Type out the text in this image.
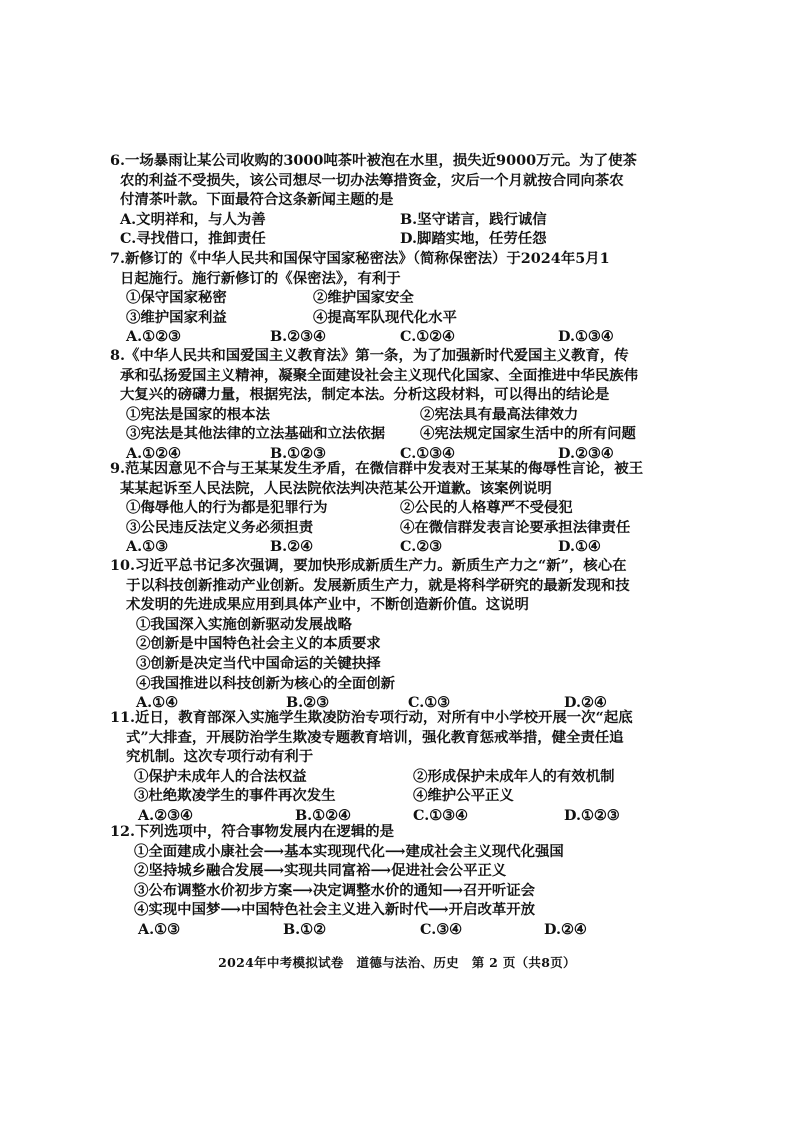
6.一场暴雨让某公司收购的3000吨茶叶被泡在水里，损失近9000万元。为了使茶

农的利益不受损失，该公司想尽一切办法筹措资金，灾后一个月就按合同向茶农

付清茶叶款。下面最符合这条新闻主题的是

A.文明祥和，与人为善	B.坚守诺言，践行诚信
C.寻找借口，推卸责任	D.脚踏实地，任劳任怨

7.新修订的《中华人民共和国保守国家秘密法》（简称保密法）于2024年5月1

日起施行。施行新修订的《保密法》，有利于

①保守国家秘密	②维护国家安全
③维护国家利益	④提高军队现代化水平
A.①②③	B.②③④	C.①②④	D.①③④

8.《中华人民共和国爱国主义教育法》第一条，为了加强新时代爱国主义教育，传

承和弘扬爱国主义精神，凝聚全面建设社会主义现代化国家、全面推进中华民族伟

大复兴的磅礴力量，根据宪法，制定本法。分析这段材料，可以得出的结论是

①宪法是国家的根本法	②宪法具有最高法律效力
③宪法是其他法律的立法基础和立法依据 ④宪法规定国家生活中的所有问题
A.①②④	B.①②③	C.①③④	D.②③④

9.范某因意见不合与王某某发生矛盾，在微信群中发表对王某某的侮辱性言论，被王

某某起诉至人民法院，人民法院依法判决范某公开道歉。该案例说明

①侮辱他人的行为都是犯罪行为	②公民的人格尊严不受侵犯
③公民违反法定义务必须担责	④在微信群发表言论要承担法律责任
A.①③	B.②④	C.②③	D.①④

10.习近平总书记多次强调，要加快形成新质生产力。新质生产力之“新”，核心在

于以科技创新推动产业创新。发展新质生产力，就是将科学研究的最新发现和技

术发明的先进成果应用到具体产业中，不断创造新价值。这说明

①我国深入实施创新驱动发展战略
②创新是中国特色社会主义的本质要求
③创新是决定当代中国命运的关键抉择
④我国推进以科技创新为核心的全面创新
A.①④	B.②③	C.①③	D.②④

11.近日，教育部深入实施学生欺凌防治专项行动，对所有中小学校开展一次“起底

式”大排查，开展防治学生欺凌专题教育培训，强化教育惩戒举措，健全责任追

究机制。这次专项行动有利于

①保护未成年人的合法权益	②形成保护未成年人的有效机制
③杜绝欺凌学生的事件再次发生	④维护公平正义
A.②③④	B.①②④	C.①③④	D.①②③

12.下列选项中，符合事物发展内在逻辑的是

①全面建成小康社会⟶基本实现现代化⟶建成社会主义现代化强国
②坚持城乡融合发展⟶实现共同富裕⟶促进社会公平正义
③公布调整水价初步方案⟶决定调整水价的通知⟶召开听证会
④实现中国梦⟶中国特色社会主义进入新时代⟶开启改革开放
A.①③	B.①②	C.③④	D.②④
2024年中考模拟试卷　道德与法治、历史　第 2 页（共8页）
